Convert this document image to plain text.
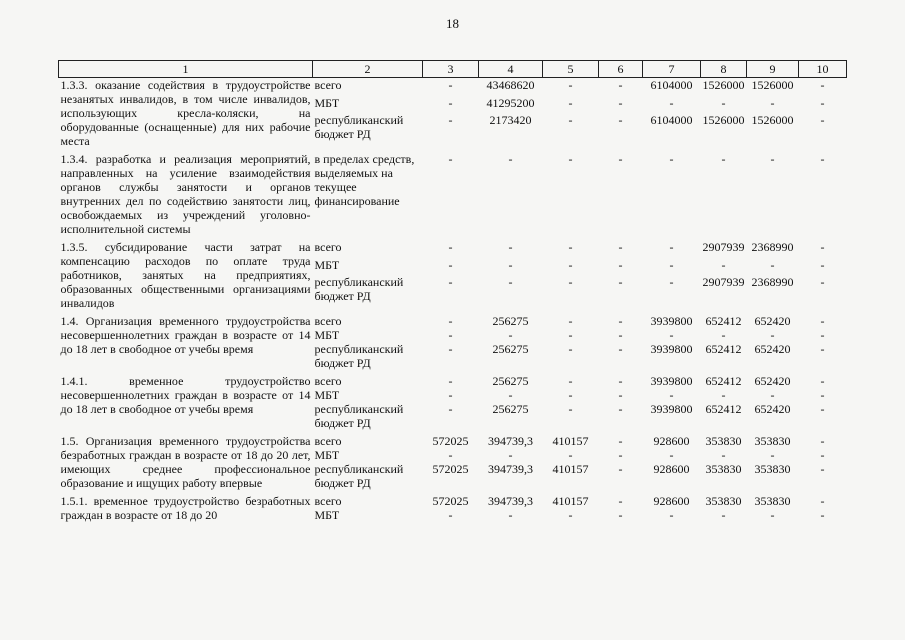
18
1	2	3	4	5	6	7	8	9	10
1.3.3. оказание содействия в трудоустройстве незанятых инвалидов, в том числе инвалидов, использующих кресла-коляски, на оборудованные (оснащенные) для них рабочие места	всего	-	43468620	-	-	6104000	1526000	1526000	-
	МБТ	-	41295200	-	-	-	-	-	-
	республиканский бюджет РД	-	2173420	-	-	6104000	1526000	1526000	-

1.3.4. разработка и реализация мероприятий, направленных на усиление взаимодействия органов службы занятости и органов внутренних дел по содействию занятости лиц, освобождаемых из учреждений уголовно-исполнительной системы	в пределах средств, выделяемых на текущее финансирование	-	-	-	-	-	-	-	-

1.3.5. субсидирование части затрат на компенсацию расходов по оплате труда работников, занятых на предприятиях, образованных общественными организациями инвалидов	всего	-	-	-	-	-	2907939	2368990	-
	МБТ	-	-	-	-	-	-	-	-
	республиканский бюджет РД	-	-	-	-	-	2907939	2368990	-

1.4. Организация временного трудоустройства несовершеннолетних граждан в возрасте от 14 до 18 лет в свободное от учебы время	всего	-	256275	-	-	3939800	652412	652420	-
	МБТ	-	-	-	-	-	-	-	-
	республиканский бюджет РД	-	256275	-	-	3939800	652412	652420	-

1.4.1. временное трудоустройство несовершеннолетних граждан в возрасте от 14 до 18 лет в свободное от учебы время	всего	-	256275	-	-	3939800	652412	652420	-
	МБТ	-	-	-	-	-	-	-	-
	республиканский бюджет РД	-	256275	-	-	3939800	652412	652420	-

1.5. Организация временного трудоустройства безработных граждан в возрасте от 18 до 20 лет, имеющих среднее профессиональное образование и ищущих работу впервые	всего	572025	394739,3	410157	-	928600	353830	353830	-
	МБТ	-	-	-	-	-	-	-	-
	республиканский бюджет РД	572025	394739,3	410157	-	928600	353830	353830	-

1.5.1. временное трудоустройство безработных граждан в возрасте от 18 до 20	всего	572025	394739,3	410157	-	928600	353830	353830	-
	МБТ	-	-	-	-	-	-	-	-
